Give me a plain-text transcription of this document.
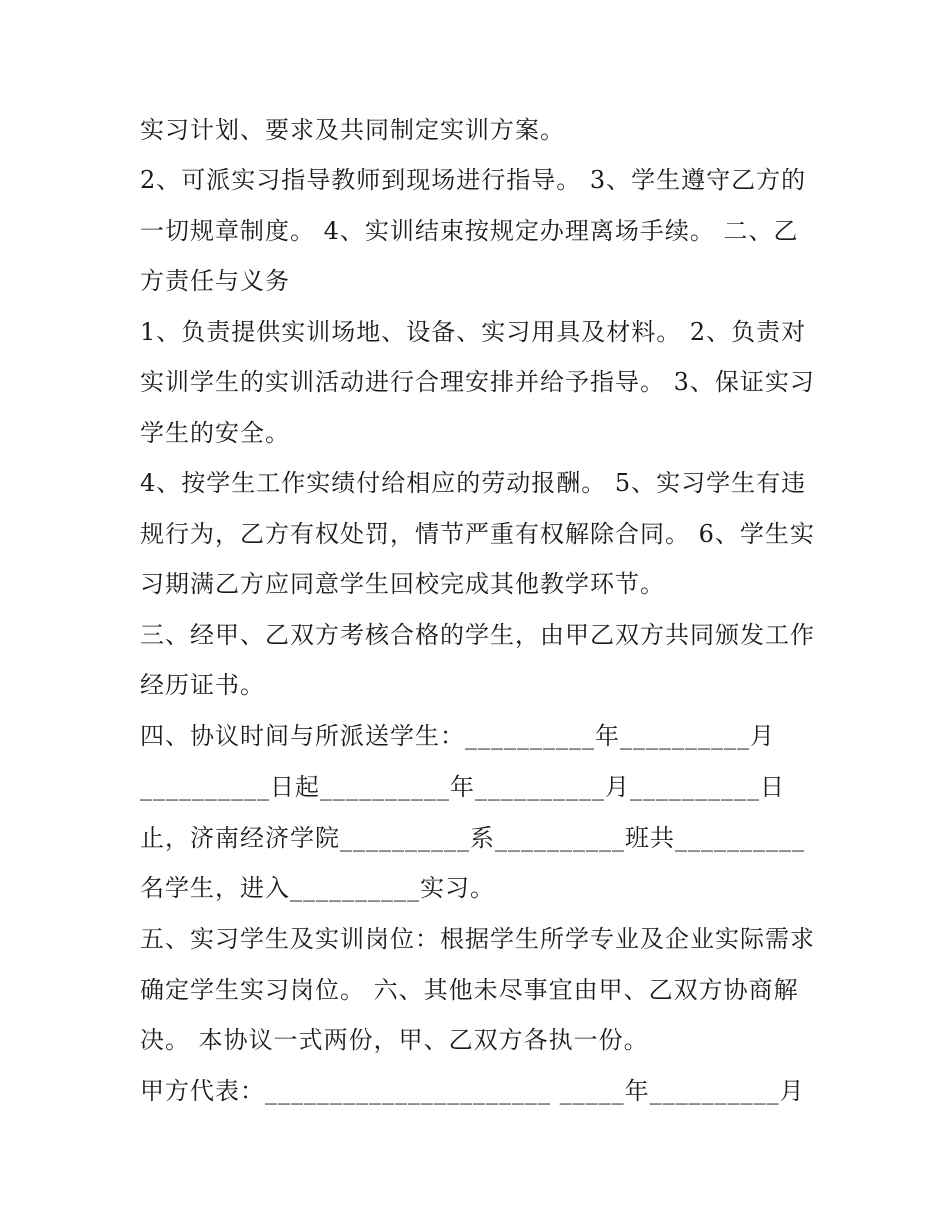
实习计划、要求及共同制定实训方案。
2、可派实习指导教师到现场进行指导。 3、学生遵守乙方的
一切规章制度。 4、实训结束按规定办理离场手续。 二、乙
方责任与义务
1、负责提供实训场地、设备、实习用具及材料。 2、负责对
实训学生的实训活动进行合理安排并给予指导。 3、保证实习
学生的安全。
4、按学生工作实绩付给相应的劳动报酬。 5、实习学生有违
规行为，乙方有权处罚，情节严重有权解除合同。 6、学生实
习期满乙方应同意学生回校完成其他教学环节。
三、经甲、乙双方考核合格的学生，由甲乙双方共同颁发工作
经历证书。
四、协议时间与所派送学生：__________年__________月
__________日起__________年__________月__________日
止，济南经济学院__________系__________班共__________
名学生，进入__________实习。
五、实习学生及实训岗位：根据学生所学专业及企业实际需求
确定学生实习岗位。 六、其他未尽事宜由甲、乙双方协商解
决。 本协议一式两份，甲、乙双方各执一份。
甲方代表：______________________ _____年__________月
